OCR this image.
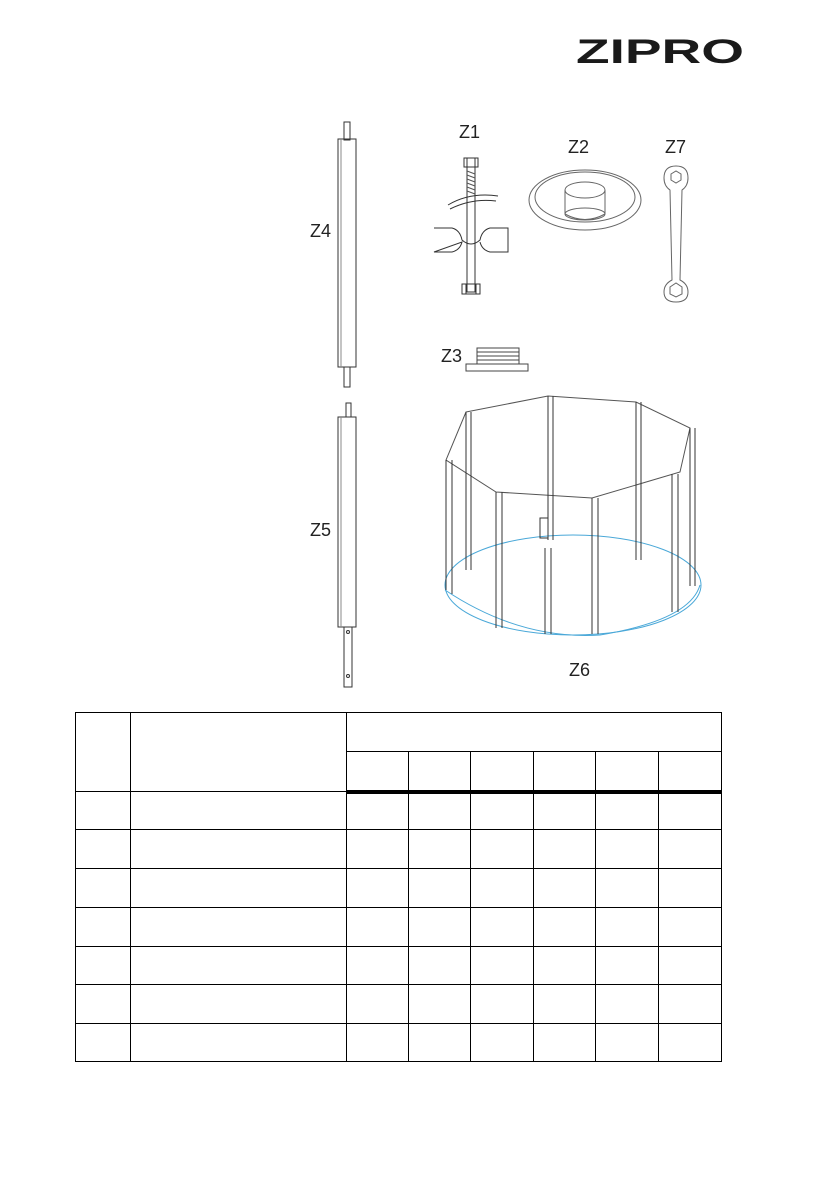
ZIPRO
Z1
Z2	Z7
Z4
Z3
Z5
Z6
